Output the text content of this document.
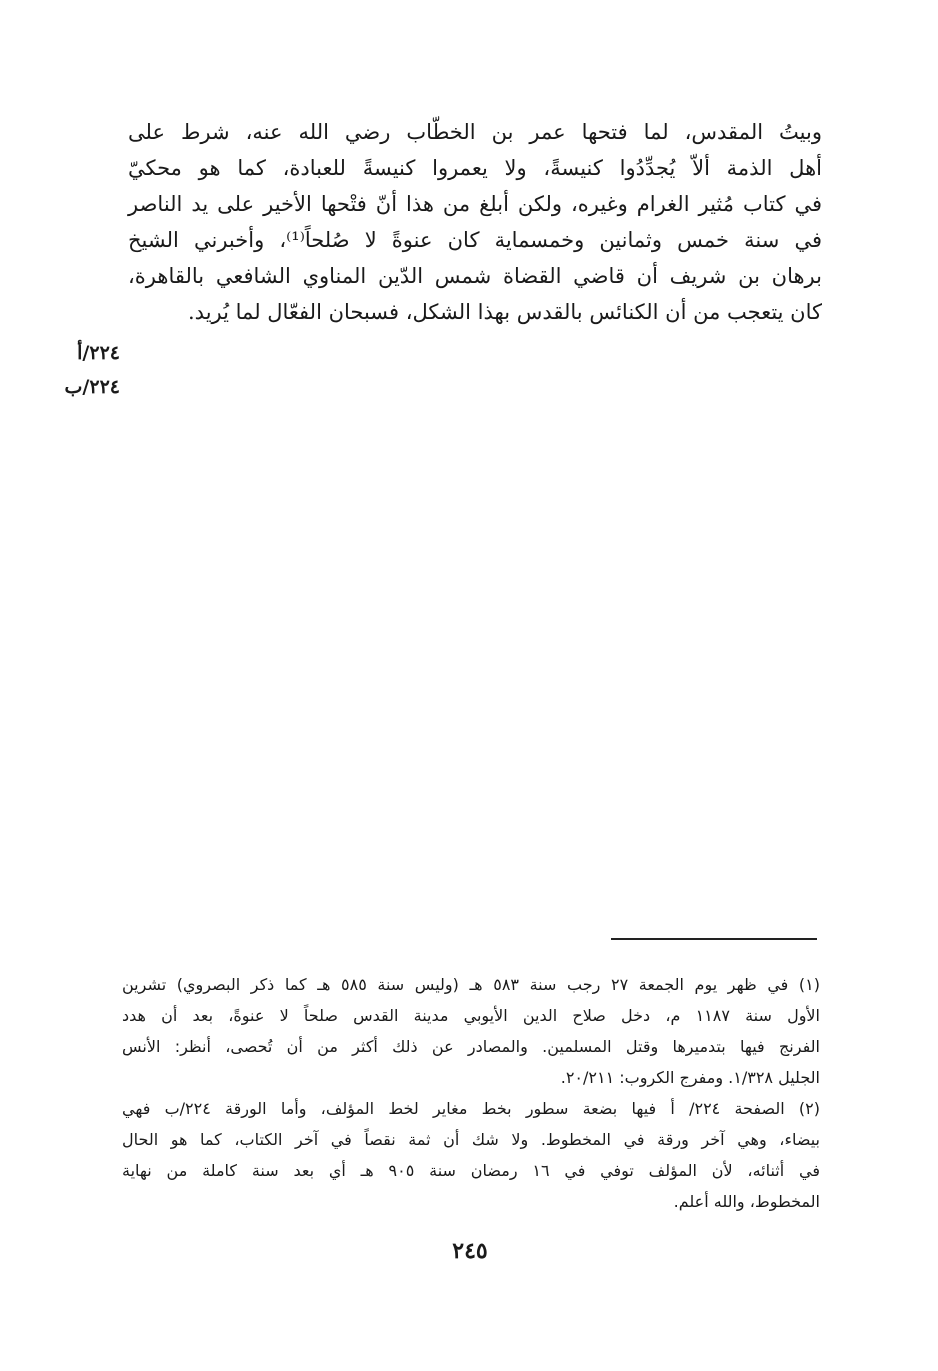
وبيتُ المقدس، لما فتحها عمر بن الخطّاب رضي الله عنه، شرط على
أهل الذمة ألاّ يُجدِّدُوا كنيسةً، ولا يعمروا كنيسةً للعبادة، كما هو محكيّ
في كتاب مُثير الغرام وغيره، ولكن أبلغ من هذا أنّ فتْحها الأخير على يد الناصر
في سنة خمس وثمانين وخمسماية كان عنوةً لا صُلحاً⁽¹⁾، وأخبرني الشيخ
برهان بن شريف أن قاضي القضاة شمس الدّين المناوي الشافعي بالقاهرة،
كان يتعجب من أن الكنائس بالقدس بهذا الشكل، فسبحان الفعّال لما يُريد.
٢٢٤/أ
٢٢٤/ب
(١) في ظهر يوم الجمعة ٢٧ رجب سنة ٥٨٣ هـ (وليس سنة ٥٨٥ هـ كما ذكر البصروي) تشرين
الأول سنة ١١٨٧ م، دخل صلاح الدين الأيوبي مدينة القدس صلحاً لا عنوةً، بعد أن هدد
الفرنج فيها بتدميرها وقتل المسلمين. والمصادر عن ذلك أكثر من أن تُحصى، أنظر: الأنس
الجليل ١/٣٢٨. ومفرج الكروب: ٢٠/٢١١.
(٢) الصفحة ٢٢٤/ أ فيها بضعة سطور بخط مغاير لخط المؤلف، وأما الورقة ٢٢٤/ب فهي
بيضاء، وهي آخر ورقة في المخطوط. ولا شك أن ثمة نقصاً في آخر الكتاب، كما هو الحال
في أثنائه، لأن المؤلف توفي في ١٦ رمضان سنة ٩٠٥ هـ أي بعد سنة كاملة من نهاية
المخطوط، والله أعلم.
٢٤٥
